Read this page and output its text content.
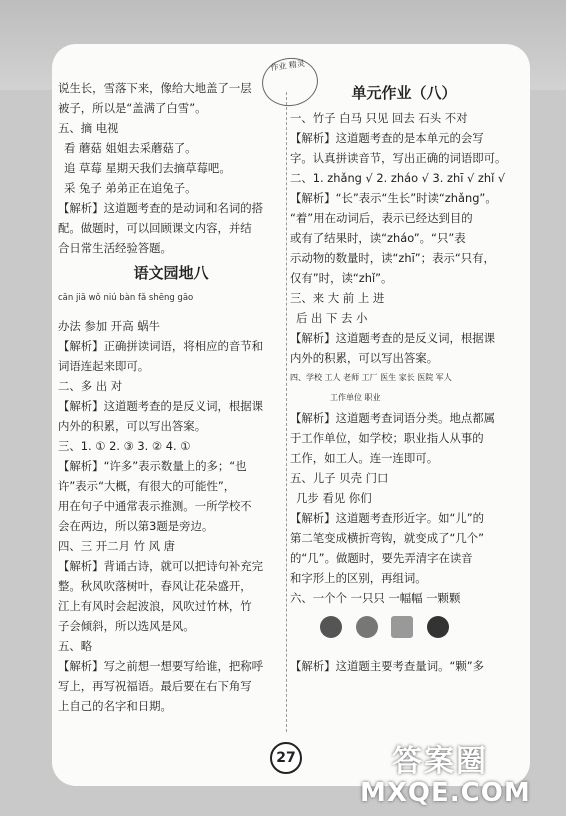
作业 精灵
说生长，雪落下来，像给大地盖了一层
被子，所以是“盖满了白雪”。
五、摘 电视
看 蘑菇 姐姐去采蘑菇了。
追 草莓 星期天我们去摘草莓吧。
采 兔子 弟弟正在追兔子。
【解析】这道题考查的是动词和名词的搭
配。做题时，可以回顾课文内容，并结
合日常生活经验答题。
语文园地八
cān jiā wǒ niú bàn fǎ shēng gāo
办法 参加 开高 蜗牛
【解析】正确拼读词语，将相应的音节和
词语连起来即可。
二、多 出 对
【解析】这道题考查的是反义词，根据课
内外的积累，可以写出答案。
三、1. ① 2. ③ 3. ② 4. ①
【解析】“许多”表示数量上的多；“也
许”表示“大概，有很大的可能性”，
用在句子中通常表示推测。一所学校不
会在两边，所以第3题是旁边。
四、三 开二月 竹 风 唐
【解析】背诵古诗，就可以把诗句补充完
整。秋风吹落树叶，春风让花朵盛开，
江上有风时会起波浪，风吹过竹林，竹
子会倾斜，所以选风是风。
五、略
【解析】写之前想一想要写给谁，把称呼
写上，再写祝福语。最后要在右下角写
上自己的名字和日期。
单元作业（八）
一、竹子 白马 只见 回去 石头 不对
【解析】这道题考查的是本单元的会写
字。认真拼读音节，写出正确的词语即可。
二、1. zhǎng √ 2. zháo √ 3. zhī √ zhǐ √
【解析】“长”表示“生长”时读“zhǎng”。
“着”用在动词后，表示已经达到目的
或有了结果时，读“zháo”。“只”表
示动物的数量时，读“zhī”；表示“只有，
仅有”时，读“zhǐ”。
三、来 大 前 上 进
后 出 下 去 小
【解析】这道题考查的是反义词，根据课
内外的积累，可以写出答案。
四、学校 工人 老师 工厂 医生 家长 医院 军人
工作单位 职业
【解析】这道题考查词语分类。地点都属
于工作单位，如学校；职业指人从事的
工作，如工人。连一连即可。
五、儿子 贝壳 门口
几步 看见 你们
【解析】这道题考查形近字。如“儿”的
第二笔变成横折弯钩，就变成了“几个”
的“几”。做题时，要先弄清字在读音
和字形上的区别，再组词。
六、一个个 一只只 一幅幅 一颗颗

【解析】这道题主要考查量词。“颗”多
27	答案圈
MXQE.COM
